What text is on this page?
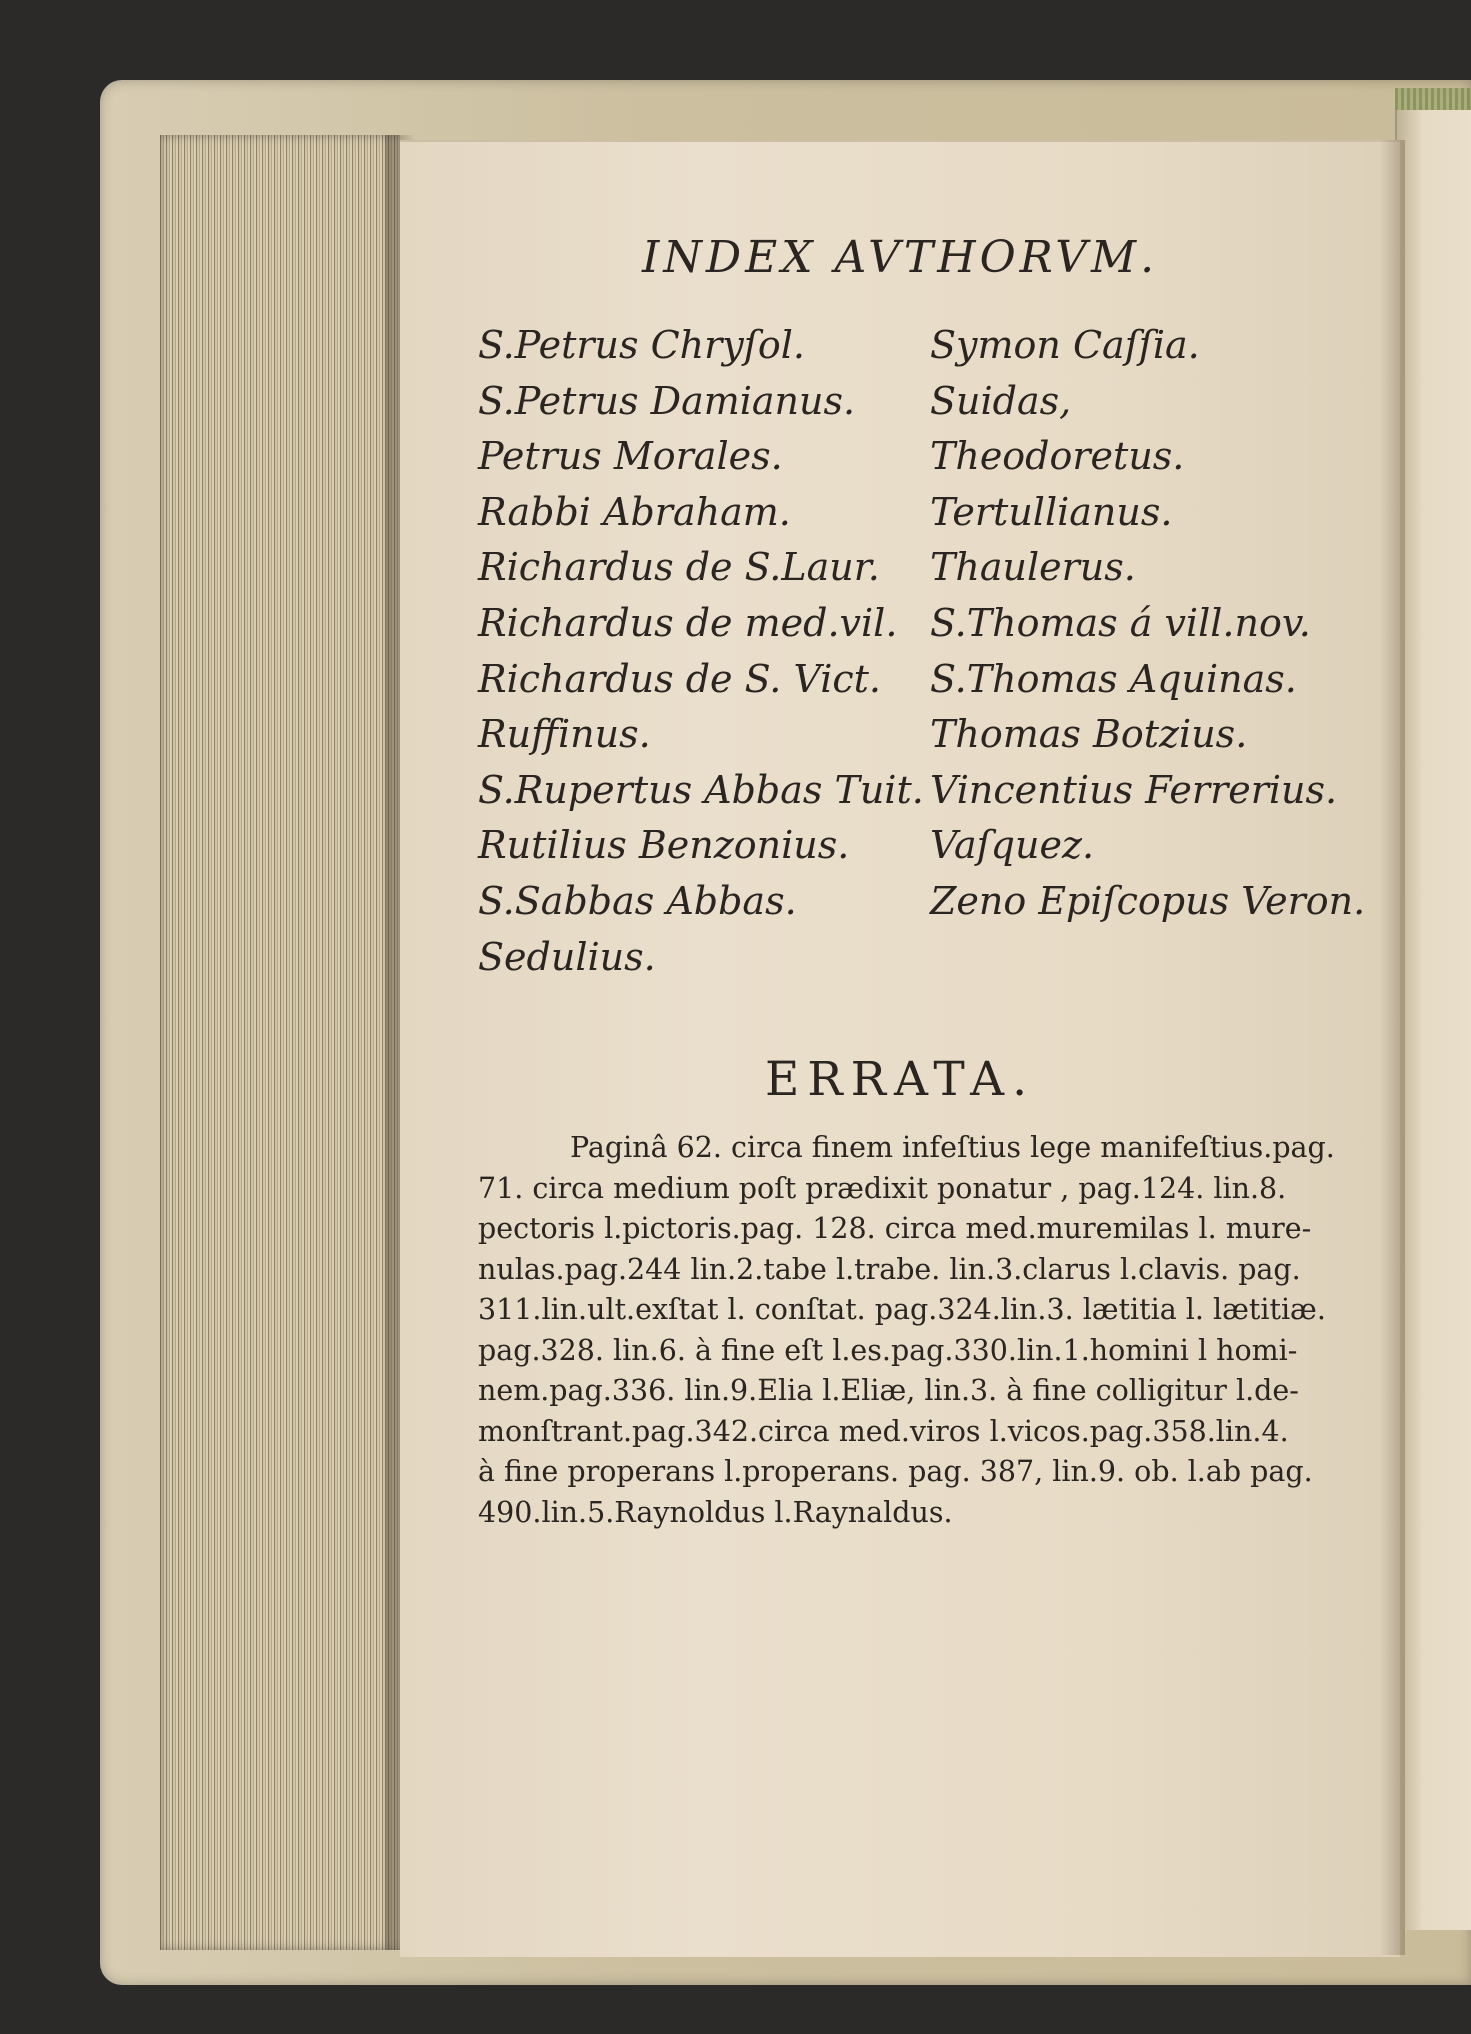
INDEX AVTHORVM.
S.Petrus Chryſol.
S.Petrus Damianus.
Petrus Morales.
Rabbi Abraham.
Richardus de S.Laur.
Richardus de med.vil.
Richardus de S. Vict.
Ruffinus.
S.Rupertus Abbas Tuit.
Rutilius Benzonius.
S.Sabbas Abbas.
Sedulius.
Symon Caſſia.
Suidas,
Theodoretus.
Tertullianus.
Thaulerus.
S.Thomas á vill.nov.
S.Thomas Aquinas.
Thomas Botzius.
Vincentius Ferrerius.
Vaſquez.
Zeno Epiſcopus Veron.
ERRATA.
Paginâ 62. circa finem infeſtius lege manifeſtius.pag.
71. circa medium poſt prædixit ponatur , pag.124. lin.8.
pectoris l.pictoris.pag. 128. circa med.muremilas l. mure-
nulas.pag.244 lin.2.tabe l.trabe. lin.3.clarus l.clavis. pag.
311.lin.ult.exſtat l. conſtat. pag.324.lin.3. lætitia l. lætitiæ.
pag.328. lin.6. à fine eſt l.es.pag.330.lin.1.homini l homi-
nem.pag.336. lin.9.Elia l.Eliæ, lin.3. à fine colligitur l.de-
monſtrant.pag.342.circa med.viros l.vicos.pag.358.lin.4.
à fine properans l.properans. pag. 387, lin.9. ob. l.ab pag.
490.lin.5.Raynoldus l.Raynaldus.
